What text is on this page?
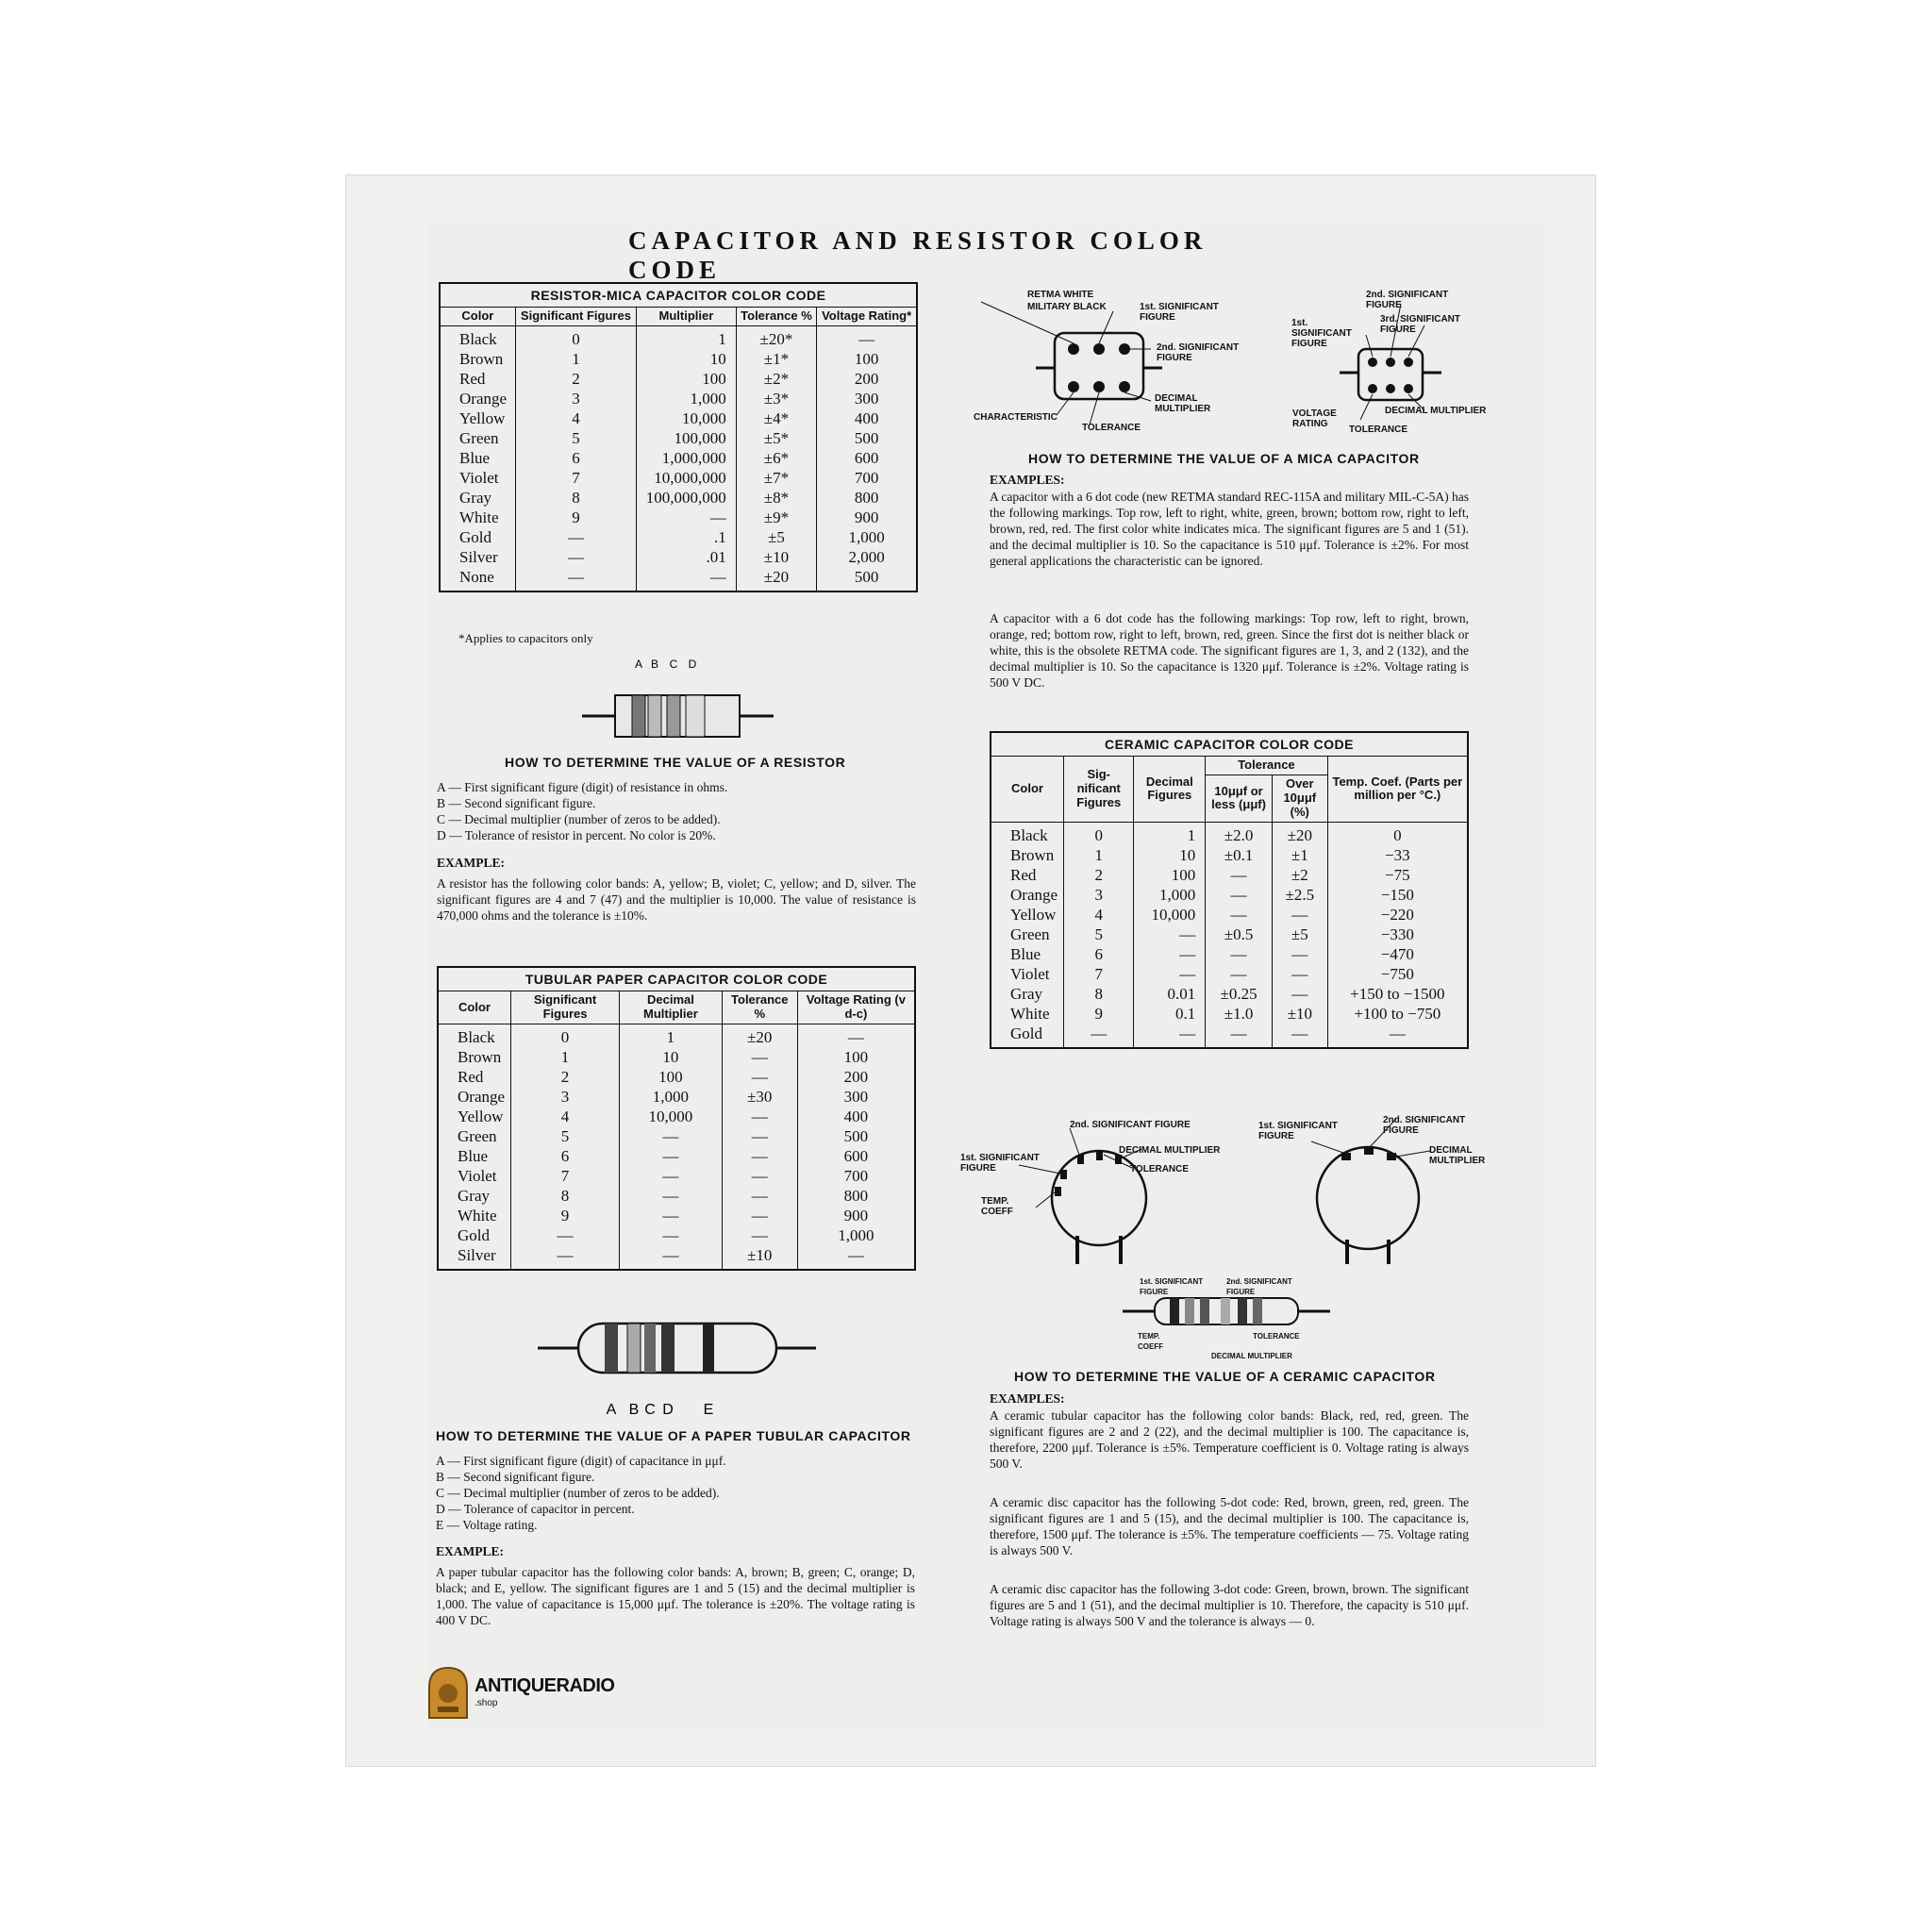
CAPACITOR AND RESISTOR COLOR CODE
RESISTOR-MICA CAPACITOR COLOR CODE				
Color	Significant Figures	Multiplier	Tolerance %	Voltage Rating*
Black	0	1	±20*	—
Brown	1	10	±1*	100
Red	2	100	±2*	200
Orange	3	1,000	±3*	300
Yellow	4	10,000	±4*	400
Green	5	100,000	±5*	500
Blue	6	1,000,000	±6*	600
Violet	7	10,000,000	±7*	700
Gray	8	100,000,000	±8*	800
White	9	—	±9*	900
Gold	—	.1	±5	1,000
Silver	—	.01	±10	2,000
None	—	—	±20	500
*Applies to capacitors only
A B C D
HOW TO DETERMINE THE VALUE OF A RESISTOR
A — First significant figure (digit) of resistance in ohms.
B — Second significant figure.
C — Decimal multiplier (number of zeros to be added).
D — Tolerance of resistor in percent. No color is 20%.
EXAMPLE:
A resistor has the following color bands: A, yellow; B, violet; C, yellow; and D, silver. The significant figures are 4 and 7 (47) and the multiplier is 10,000. The value of resistance is 470,000 ohms and the tolerance is ±10%.
TUBULAR PAPER CAPACITOR COLOR CODE				
Color	Significant Figures	Decimal Multiplier	Tolerance %	Voltage Rating (v d-c)
Black	0	1	±20	—
Brown	1	10	—	100
Red	2	100	—	200
Orange	3	1,000	±30	300
Yellow	4	10,000	—	400
Green	5	—	—	500
Blue	6	—	—	600
Violet	7	—	—	700
Gray	8	—	—	800
White	9	—	—	900
Gold	—	—	—	1,000
Silver	—	—	±10	—
A B C D E
HOW TO DETERMINE THE VALUE OF A PAPER TUBULAR CAPACITOR
A — First significant figure (digit) of capacitance in μμf.
B — Second significant figure.
C — Decimal multiplier (number of zeros to be added).
D — Tolerance of capacitor in percent.
E — Voltage rating.
EXAMPLE:
A paper tubular capacitor has the following color bands: A, brown; B, green; C, orange; D, black; and E, yellow. The significant figures are 1 and 5 (15) and the decimal multiplier is 1,000. The value of capacitance is 15,000 μμf. The tolerance is ±20%. The voltage rating is 400 V DC.
ANTIQUERADIO
.shop
RETMA WHITE
MILITARY BLACK	1st. SIGNIFICANT FIGURE
2nd. SIGNIFICANT FIGURE
DECIMAL MULTIPLIER
CHARACTERISTIC
TOLERANCE
2nd. SIGNIFICANT FIGURE
1st. SIGNIFICANT FIGURE
3rd. SIGNIFICANT FIGURE
VOLTAGE RATING
DECIMAL MULTIPLIER
TOLERANCE
HOW TO DETERMINE THE VALUE OF A MICA CAPACITOR
EXAMPLES:
A capacitor with a 6 dot code (new RETMA standard REC-115A and military MIL-C-5A) has the following markings. Top row, left to right, white, green, brown; bottom row, right to left, brown, red, red. The first color white indicates mica. The significant figures are 5 and 1 (51). and the decimal multiplier is 10. So the capacitance is 510 μμf. Tolerance is ±2%. For most general applications the characteristic can be ignored.
A capacitor with a 6 dot code has the following markings: Top row, left to right, brown, orange, red; bottom row, right to left, brown, red, green. Since the first dot is neither black or white, this is the obsolete RETMA code. The significant figures are 1, 3, and 2 (132), and the decimal multiplier is 10. So the capacitance is 1320 μμf. Tolerance is ±2%. Voltage rating is 500 V DC.
CERAMIC CAPACITOR COLOR CODE					
Color	Sig-nificant Figures	Decimal Figures	Tolerance		Temp. Coef. (Parts per million per °C.)
			10μμf or less (μμf)	Over 10μμf (%)	
Black	0	1	±2.0	±20	0
Brown	1	10	±0.1	±1	−33
Red	2	100	—	±2	−75
Orange	3	1,000	—	±2.5	−150
Yellow	4	10,000	—	—	−220
Green	5	—	±0.5	±5	−330
Blue	6	—	—	—	−470
Violet	7	—	—	—	−750
Gray	8	0.01	±0.25	—	+150 to −1500
White	9	0.1	±1.0	±10	+100 to −750
Gold	—	—	—	—	—
2nd. SIGNIFICANT FIGURE
1st. SIGNIFICANT FIGURE
DECIMAL MULTIPLIER
TOLERANCE
TEMP. COEFF
1st. SIGNIFICANT FIGURE
2nd. SIGNIFICANT FIGURE
DECIMAL MULTIPLIER
1st. SIGNIFICANT FIGURE
2nd. SIGNIFICANT FIGURE
TEMP. COEFF
TOLERANCE
DECIMAL MULTIPLIER
HOW TO DETERMINE THE VALUE OF A CERAMIC CAPACITOR
EXAMPLES:
A ceramic tubular capacitor has the following color bands: Black, red, red, green. The significant figures are 2 and 2 (22), and the decimal multiplier is 100. The capacitance is, therefore, 2200 μμf. Tolerance is ±5%. Temperature coefficient is 0. Voltage rating is always 500 V.
A ceramic disc capacitor has the following 5-dot code: Red, brown, green, red, green. The significant figures are 1 and 5 (15), and the decimal multiplier is 100. The capacitance is, therefore, 1500 μμf. The tolerance is ±5%. The temperature coefficients — 75. Voltage rating is always 500 V.
A ceramic disc capacitor has the following 3-dot code: Green, brown, brown. The significant figures are 5 and 1 (51), and the decimal multiplier is 10. Therefore, the capacity is 510 μμf. Voltage rating is always 500 V and the tolerance is always — 0.
